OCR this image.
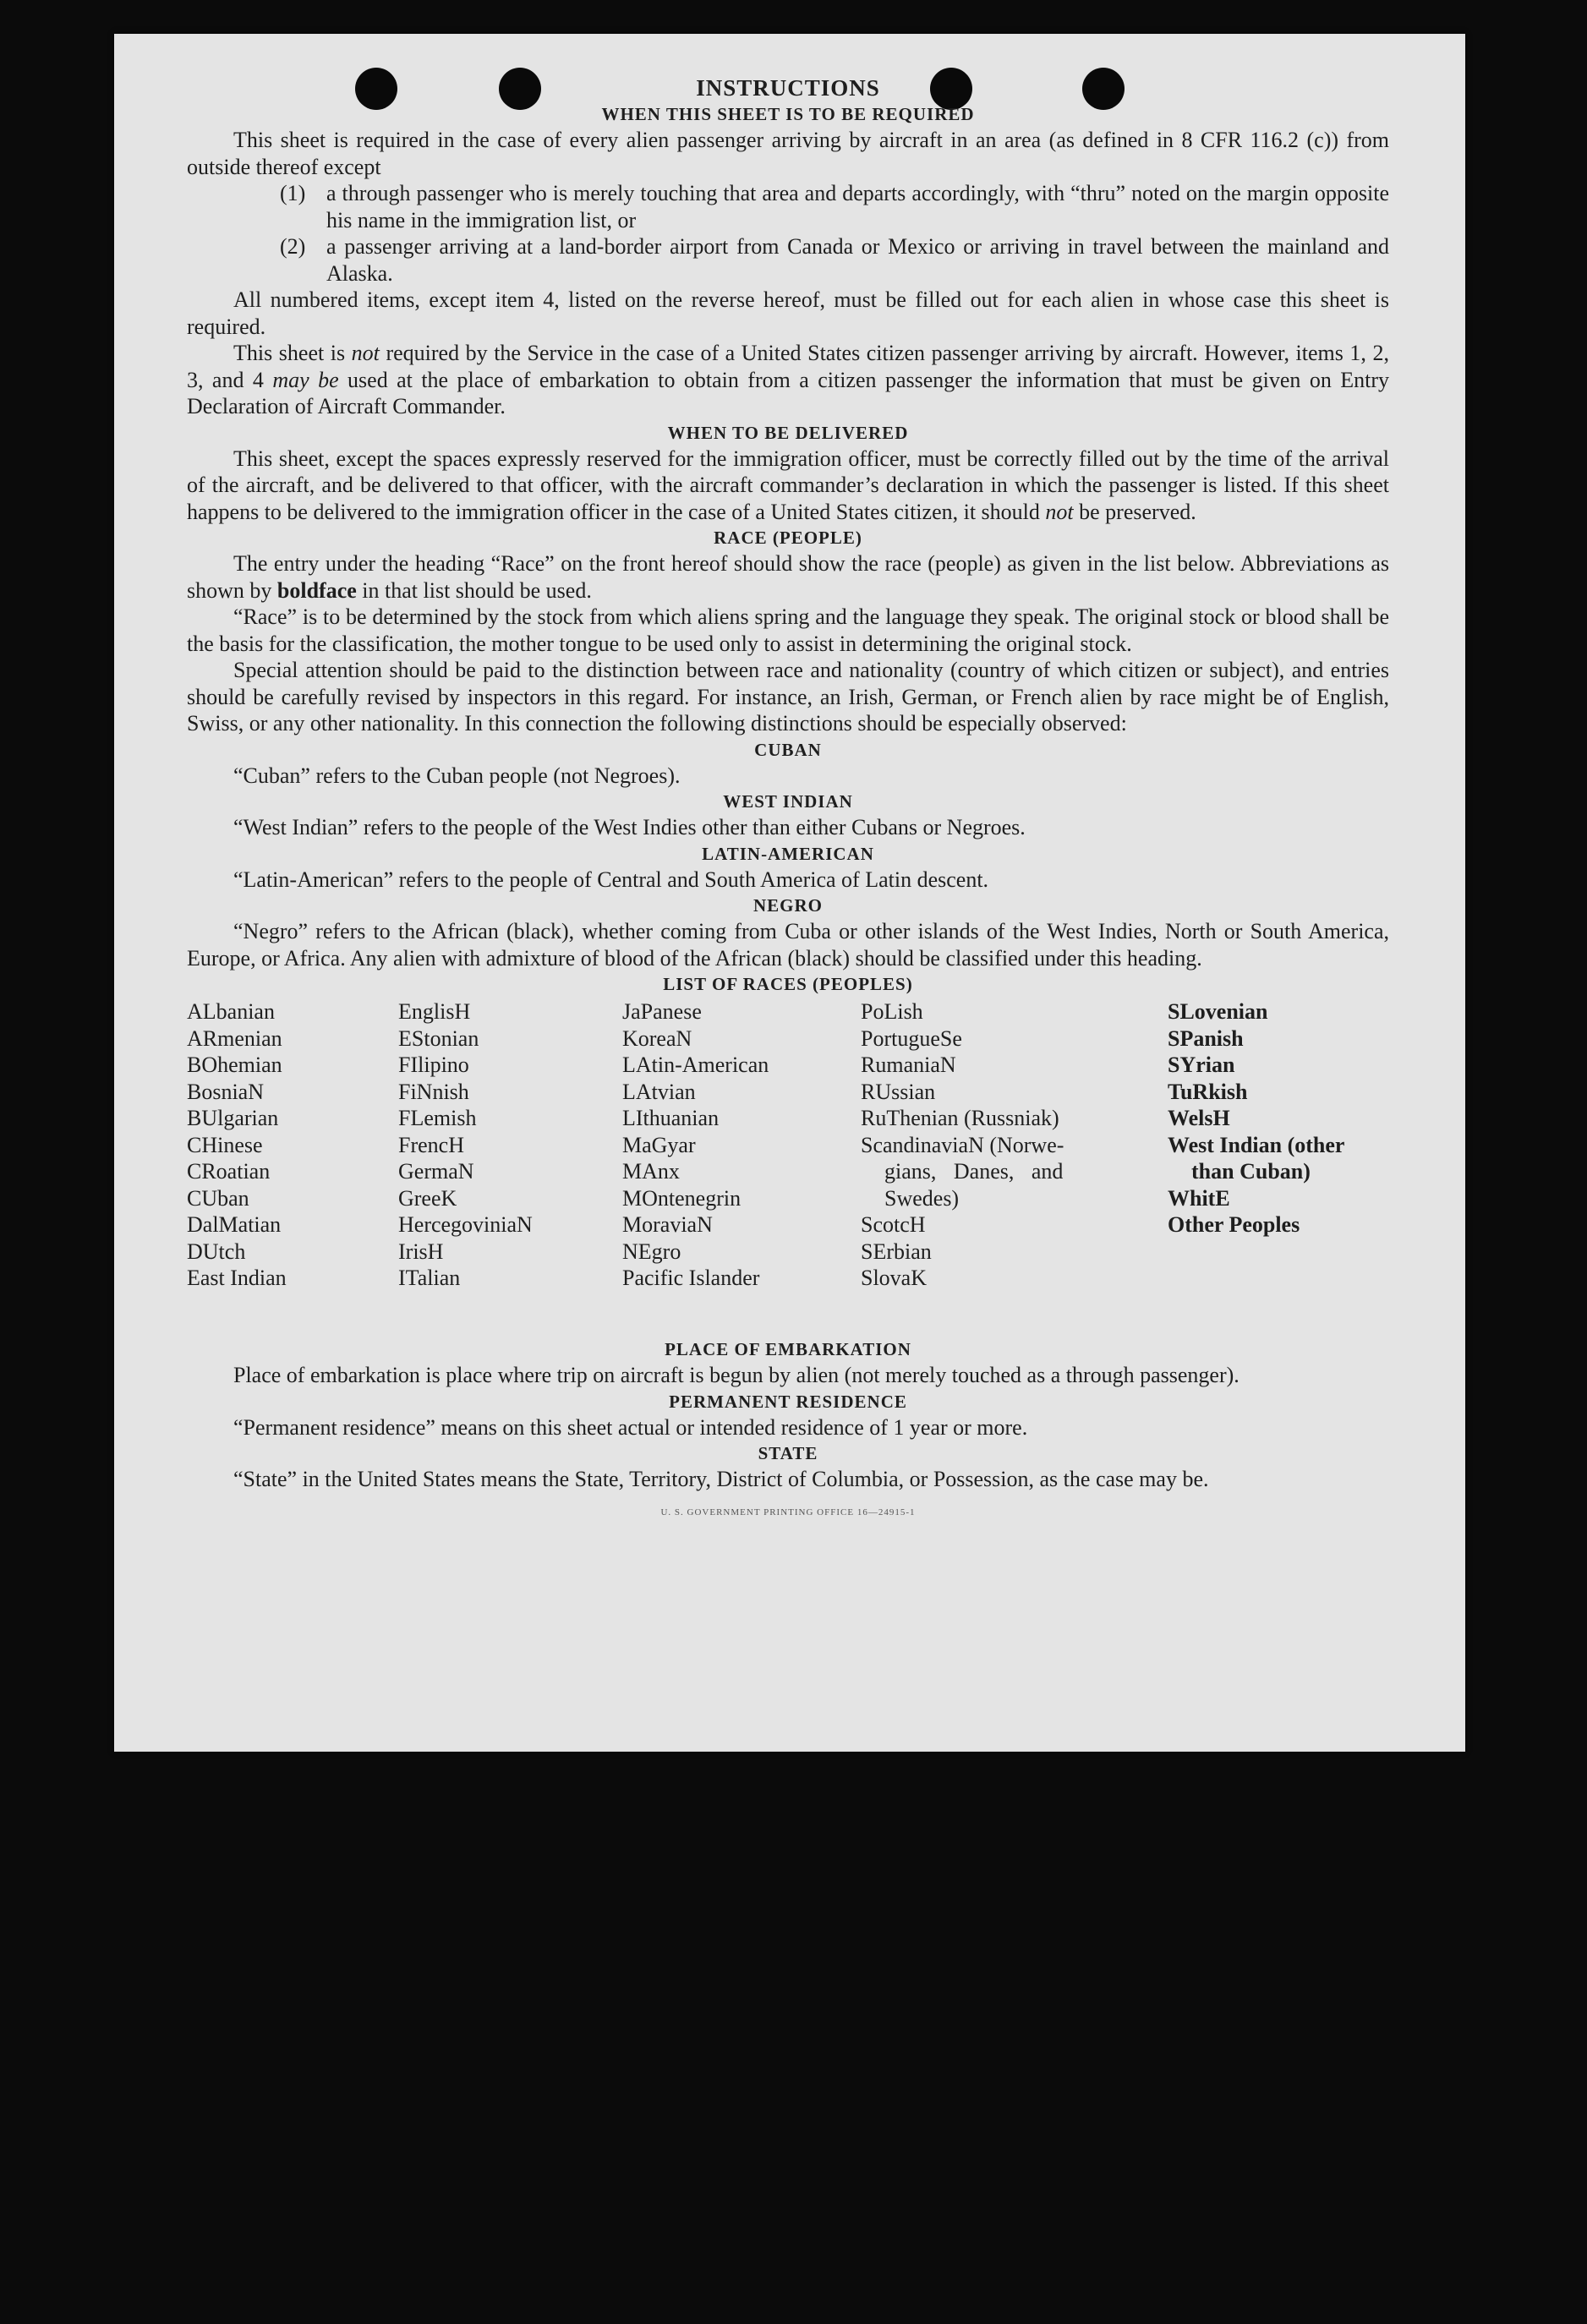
INSTRUCTIONS
WHEN THIS SHEET IS TO BE REQUIRED

This sheet is required in the case of every alien passenger arriving by aircraft in an area (as defined in 8 CFR 116.2 (c)) from outside thereof except

(1) a through passenger who is merely touching that area and departs accordingly, with “thru” noted on the margin opposite his name in the immigration list, or
(2) a passenger arriving at a land-border airport from Canada or Mexico or arriving in travel between the mainland and Alaska.

All numbered items, except item 4, listed on the reverse hereof, must be filled out for each alien in whose case this sheet is required.

This sheet is not required by the Service in the case of a United States citizen passenger arriving by aircraft. However, items 1, 2, 3, and 4 may be used at the place of embarkation to obtain from a citizen passenger the information that must be given on Entry Declaration of Aircraft Commander.

WHEN TO BE DELIVERED

This sheet, except the spaces expressly reserved for the immigration officer, must be correctly filled out by the time of the arrival of the aircraft, and be delivered to that officer, with the aircraft commander’s declaration in which the passenger is listed. If this sheet happens to be delivered to the immigration officer in the case of a United States citizen, it should not be preserved.

RACE (PEOPLE)

The entry under the heading “Race” on the front hereof should show the race (people) as given in the list below. Abbreviations as shown by boldface in that list should be used.

“Race” is to be determined by the stock from which aliens spring and the language they speak. The original stock or blood shall be the basis for the classification, the mother tongue to be used only to assist in determining the original stock.

Special attention should be paid to the distinction between race and nationality (country of which citizen or subject), and entries should be carefully revised by inspectors in this regard. For instance, an Irish, German, or French alien by race might be of English, Swiss, or any other nationality. In this connection the following distinctions should be especially observed:

CUBAN

“Cuban” refers to the Cuban people (not Negroes).

WEST INDIAN

“West Indian” refers to the people of the West Indies other than either Cubans or Negroes.

LATIN-AMERICAN

“Latin-American” refers to the people of Central and South America of Latin descent.

NEGRO

“Negro” refers to the African (black), whether coming from Cuba or other islands of the West Indies, North or South America, Europe, or Africa. Any alien with admixture of blood of the African (black) should be classified under this heading.

LIST OF RACES (PEOPLES)
ALbanian
ARmenian
BOhemian
BosniaN
BUlgarian
CHinese
CRoatian
CUban
DalMatian
DUtch
East Indian
EnglisH
EStonian
FIlipino
FiNnish
FLemish
FrencH
GermaN
GreeK
HercegoviniaN
IrisH
ITalian
JaPanese
KoreaN
LAtin-American
LAtvian
LIthuanian
MaGyar
MAnx
MOntenegrin
MoraviaN
NEgro
Pacific Islander
PoLish
PortugueSe
RumaniaN
RUssian
RuThenian (Russniak)
ScandinaviaN (Norwe-
gians, Danes, and
Swedes)
ScotcH
SErbian
SlovaK
SLovenian
SPanish
SYrian
TuRkish
WelsH
West Indian (other
than Cuban)
WhitE
Other Peoples
PLACE OF EMBARKATION

Place of embarkation is place where trip on aircraft is begun by alien (not merely touched as a through passenger).

PERMANENT RESIDENCE

“Permanent residence” means on this sheet actual or intended residence of 1 year or more.

STATE

“State” in the United States means the State, Territory, District of Columbia, or Possession, as the case may be.

U. S. GOVERNMENT PRINTING OFFICE 16—24915-1
